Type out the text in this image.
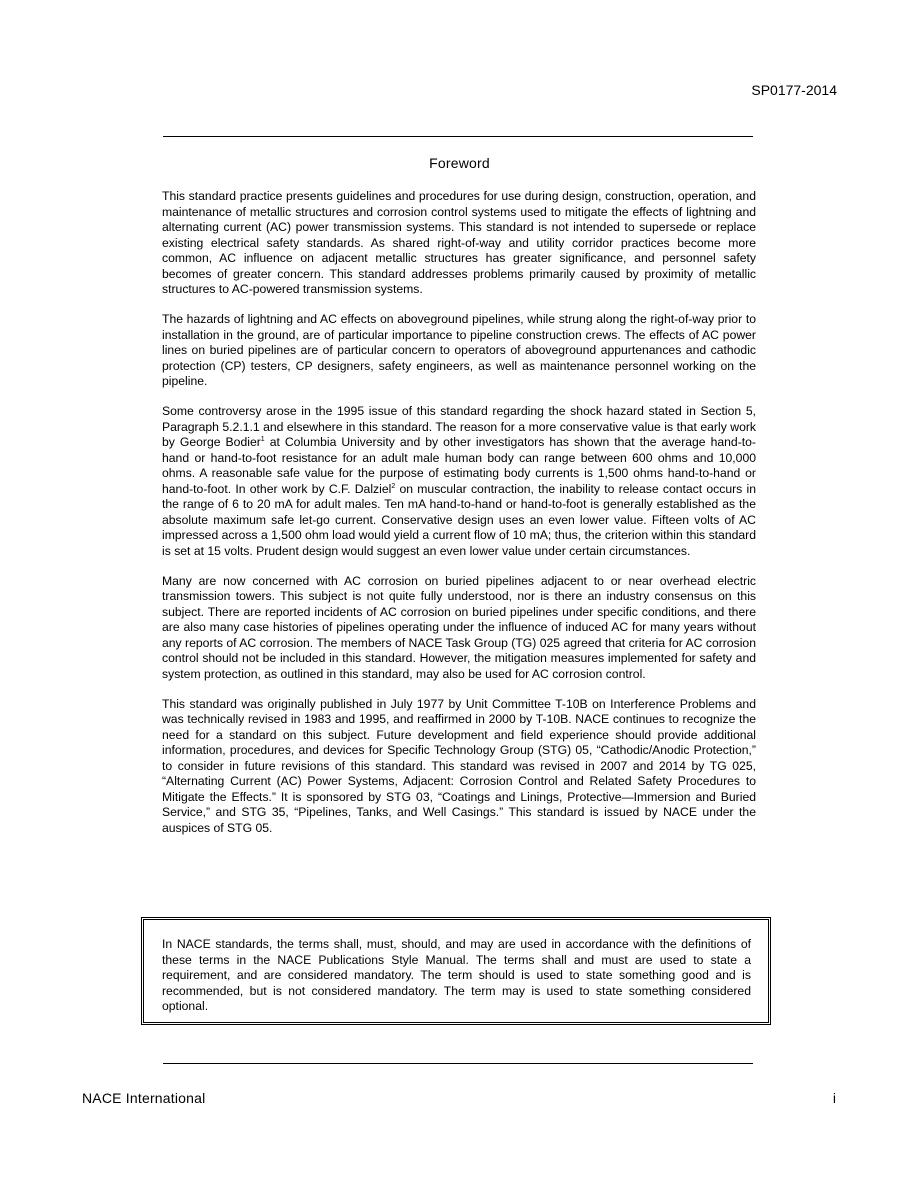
SP0177-2014

Foreword

This standard practice presents guidelines and procedures for use during design, construction, operation, and maintenance of metallic structures and corrosion control systems used to mitigate the effects of lightning and alternating current (AC) power transmission systems. This standard is not intended to supersede or replace existing electrical safety standards. As shared right-of-way and utility corridor practices become more common, AC influence on adjacent metallic structures has greater significance, and personnel safety becomes of greater concern. This standard addresses problems primarily caused by proximity of metallic structures to AC-powered transmission systems.

The hazards of lightning and AC effects on aboveground pipelines, while strung along the right-of-way prior to installation in the ground, are of particular importance to pipeline construction crews. The effects of AC power lines on buried pipelines are of particular concern to operators of aboveground appurtenances and cathodic protection (CP) testers, CP designers, safety engineers, as well as maintenance personnel working on the pipeline.

Some controversy arose in the 1995 issue of this standard regarding the shock hazard stated in Section 5, Paragraph 5.2.1.1 and elsewhere in this standard. The reason for a more conservative value is that early work by George Bodier$^1$ at Columbia University and by other investigators has shown that the average hand-to-hand or hand-to-foot resistance for an adult male human body can range between 600 ohms and 10,000 ohms. A reasonable safe value for the purpose of estimating body currents is 1,500 ohms hand-to-hand or hand-to-foot. In other work by C.F. Dalziel$^2$ on muscular contraction, the inability to release contact occurs in the range of 6 to 20 mA for adult males. Ten mA hand-to-hand or hand-to-foot is generally established as the absolute maximum safe let-go current. Conservative design uses an even lower value. Fifteen volts of AC impressed across a 1,500 ohm load would yield a current flow of 10 mA; thus, the criterion within this standard is set at 15 volts. Prudent design would suggest an even lower value under certain circumstances.

Many are now concerned with AC corrosion on buried pipelines adjacent to or near overhead electric transmission towers. This subject is not quite fully understood, nor is there an industry consensus on this subject. There are reported incidents of AC corrosion on buried pipelines under specific conditions, and there are also many case histories of pipelines operating under the influence of induced AC for many years without any reports of AC corrosion. The members of NACE Task Group (TG) 025 agreed that criteria for AC corrosion control should not be included in this standard. However, the mitigation measures implemented for safety and system protection, as outlined in this standard, may also be used for AC corrosion control.

This standard was originally published in July 1977 by Unit Committee T-10B on Interference Problems and was technically revised in 1983 and 1995, and reaffirmed in 2000 by T-10B. NACE continues to recognize the need for a standard on this subject. Future development and field experience should provide additional information, procedures, and devices for Specific Technology Group (STG) 05, “Cathodic/Anodic Protection,” to consider in future revisions of this standard. This standard was revised in 2007 and 2014 by TG 025, “Alternating Current (AC) Power Systems, Adjacent: Corrosion Control and Related Safety Procedures to Mitigate the Effects.” It is sponsored by STG 03, “Coatings and Linings, Protective—Immersion and Buried Service,” and STG 35, “Pipelines, Tanks, and Well Casings.” This standard is issued by NACE under the auspices of STG 05.

In NACE standards, the terms shall, must, should, and may are used in accordance with the definitions of these terms in the NACE Publications Style Manual. The terms shall and must are used to state a requirement, and are considered mandatory. The term should is used to state something good and is recommended, but is not considered mandatory. The term may is used to state something considered optional.

NACE International	i
